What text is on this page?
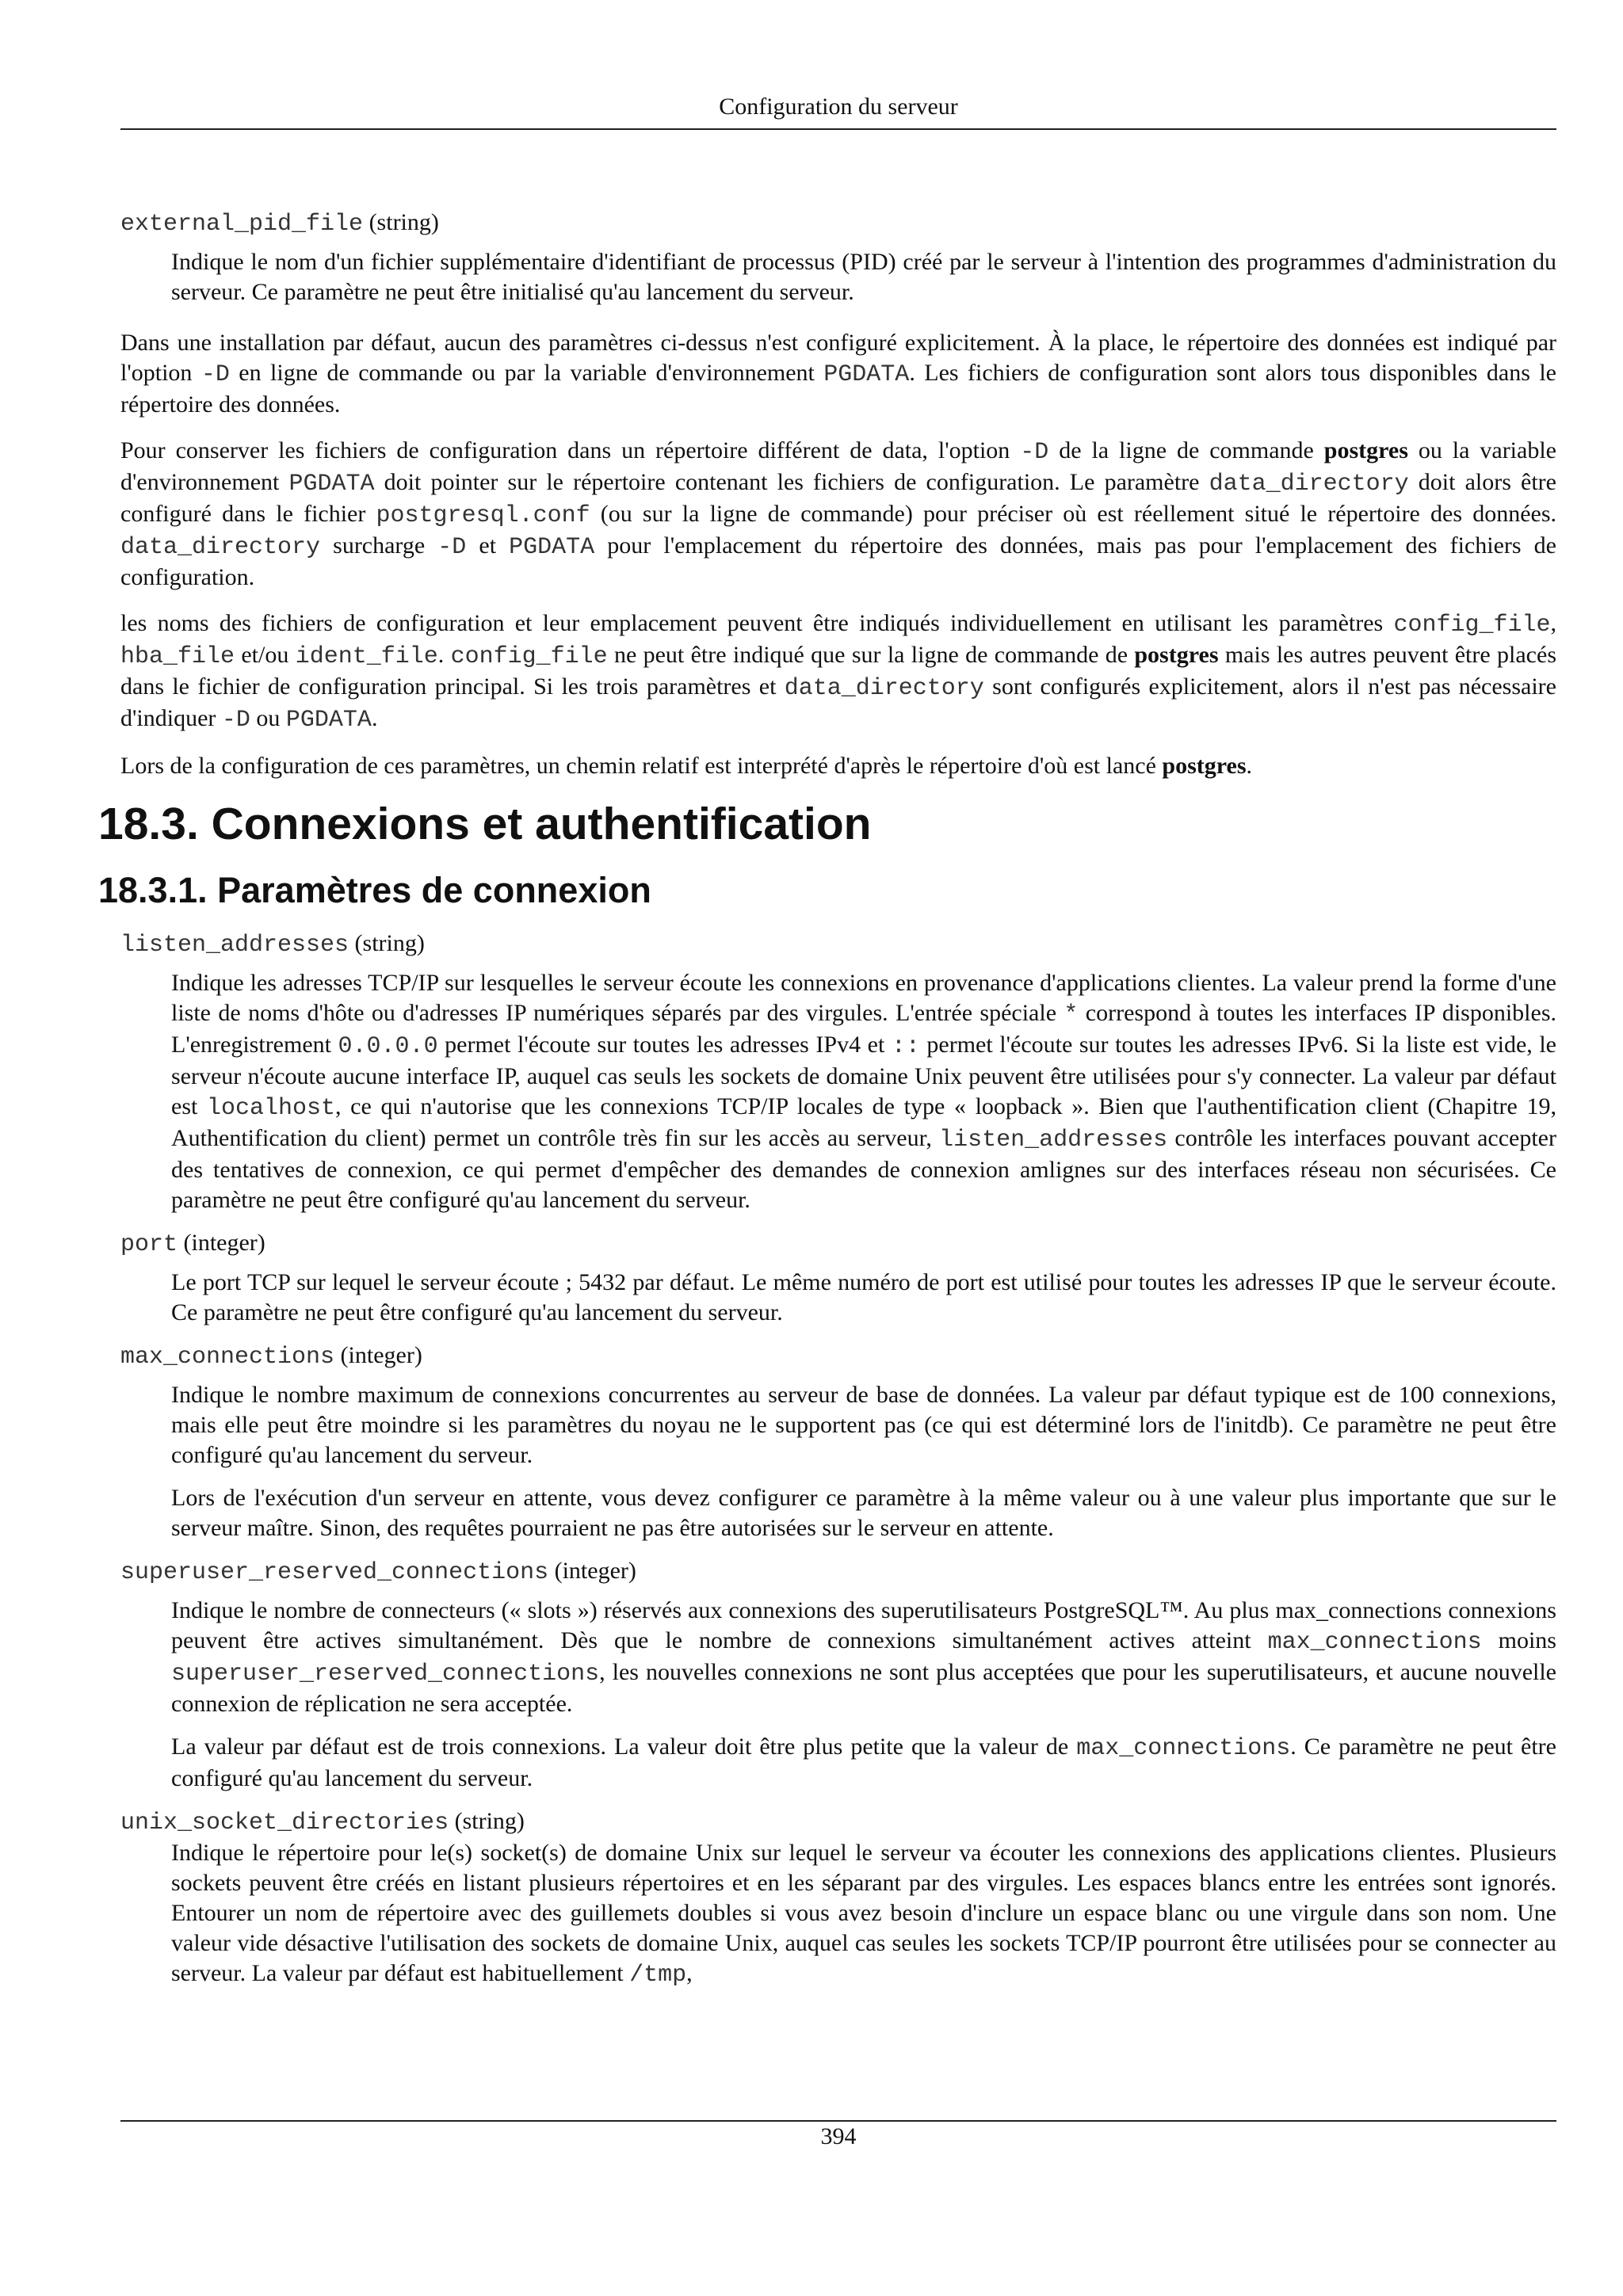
Configuration du serveur
external_pid_file (string)
Indique le nom d'un fichier supplémentaire d'identifiant de processus (PID) créé par le serveur à l'intention des programmes d'administration du serveur. Ce paramètre ne peut être initialisé qu'au lancement du serveur.
Dans une installation par défaut, aucun des paramètres ci-dessus n'est configuré explicitement. À la place, le répertoire des données est indiqué par l'option -D en ligne de commande ou par la variable d'environnement PGDATA. Les fichiers de configuration sont alors tous disponibles dans le répertoire des données.
Pour conserver les fichiers de configuration dans un répertoire différent de data, l'option -D de la ligne de commande postgres ou la variable d'environnement PGDATA doit pointer sur le répertoire contenant les fichiers de configuration. Le paramètre data_directory doit alors être configuré dans le fichier postgresql.conf (ou sur la ligne de commande) pour préciser où est réellement situé le répertoire des données. data_directory surcharge -D et PGDATA pour l'emplacement du répertoire des données, mais pas pour l'emplacement des fichiers de configuration.
les noms des fichiers de configuration et leur emplacement peuvent être indiqués individuellement en utilisant les paramètres config_file, hba_file et/ou ident_file. config_file ne peut être indiqué que sur la ligne de commande de postgres mais les autres peuvent être placés dans le fichier de configuration principal. Si les trois paramètres et data_directory sont configurés explicitement, alors il n'est pas nécessaire d'indiquer -D ou PGDATA.
Lors de la configuration de ces paramètres, un chemin relatif est interprété d'après le répertoire d'où est lancé postgres.
18.3. Connexions et authentification
18.3.1. Paramètres de connexion
listen_addresses (string)
Indique les adresses TCP/IP sur lesquelles le serveur écoute les connexions en provenance d'applications clientes. La valeur prend la forme d'une liste de noms d'hôte ou d'adresses IP numériques séparés par des virgules. L'entrée spéciale * correspond à toutes les interfaces IP disponibles. L'enregistrement 0.0.0.0 permet l'écoute sur toutes les adresses IPv4 et :: permet l'écoute sur toutes les adresses IPv6. Si la liste est vide, le serveur n'écoute aucune interface IP, auquel cas seuls les sockets de domaine Unix peuvent être utilisées pour s'y connecter. La valeur par défaut est localhost, ce qui n'autorise que les connexions TCP/IP locales de type « loopback ». Bien que l'authentification client (Chapitre 19, Authentification du client) permet un contrôle très fin sur les accès au serveur, listen_addresses contrôle les interfaces pouvant accepter des tentatives de connexion, ce qui permet d'empêcher des demandes de connexion amlignes sur des interfaces réseau non sécurisées. Ce paramètre ne peut être configuré qu'au lancement du serveur.
port (integer)
Le port TCP sur lequel le serveur écoute ; 5432 par défaut. Le même numéro de port est utilisé pour toutes les adresses IP que le serveur écoute. Ce paramètre ne peut être configuré qu'au lancement du serveur.
max_connections (integer)
Indique le nombre maximum de connexions concurrentes au serveur de base de données. La valeur par défaut typique est de 100 connexions, mais elle peut être moindre si les paramètres du noyau ne le supportent pas (ce qui est déterminé lors de l'initdb). Ce paramètre ne peut être configuré qu'au lancement du serveur.
Lors de l'exécution d'un serveur en attente, vous devez configurer ce paramètre à la même valeur ou à une valeur plus importante que sur le serveur maître. Sinon, des requêtes pourraient ne pas être autorisées sur le serveur en attente.
superuser_reserved_connections (integer)
Indique le nombre de connecteurs (« slots ») réservés aux connexions des superutilisateurs PostgreSQL™. Au plus max_connections connexions peuvent être actives simultanément. Dès que le nombre de connexions simultanément actives atteint max_connections moins superuser_reserved_connections, les nouvelles connexions ne sont plus acceptées que pour les superutilisateurs, et aucune nouvelle connexion de réplication ne sera acceptée.
La valeur par défaut est de trois connexions. La valeur doit être plus petite que la valeur de max_connections. Ce paramètre ne peut être configuré qu'au lancement du serveur.
unix_socket_directories (string)
Indique le répertoire pour le(s) socket(s) de domaine Unix sur lequel le serveur va écouter les connexions des applications clientes. Plusieurs sockets peuvent être créés en listant plusieurs répertoires et en les séparant par des virgules. Les espaces blancs entre les entrées sont ignorés. Entourer un nom de répertoire avec des guillemets doubles si vous avez besoin d'inclure un espace blanc ou une virgule dans son nom. Une valeur vide désactive l'utilisation des sockets de domaine Unix, auquel cas seules les sockets TCP/IP pourront être utilisées pour se connecter au serveur. La valeur par défaut est habituellement /tmp,
394
